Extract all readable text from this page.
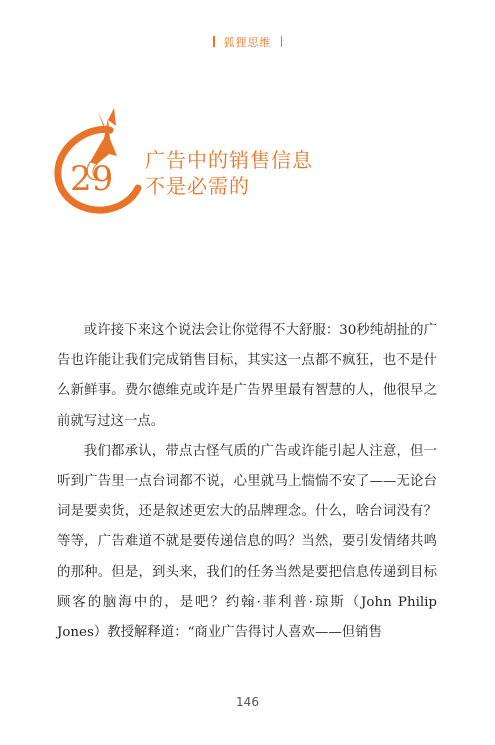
狐狸思维
29 广告中的销售信息
不是必需的

或许接下来这个说法会让你觉得不大舒服：30秒纯胡扯的广告也许能让我们完成销售目标，其实这一点都不疯狂，也不是什么新鲜事。费尔德维克或许是广告界里最有智慧的人，他很早之前就写过这一点。

我们都承认，带点古怪气质的广告或许能引起人注意，但一听到广告里一点台词都不说，心里就马上惴惴不安了——无论台词是要卖货，还是叙述更宏大的品牌理念。什么，啥台词没有？等等，广告难道不就是要传递信息的吗？当然，要引发情绪共鸣的那种。但是，到头来，我们的任务当然是要把信息传递到目标顾客的脑海中的，是吧？约翰·菲利普·琼斯（John Philip Jones）教授解释道：“商业广告得讨人喜欢——但销售

146
